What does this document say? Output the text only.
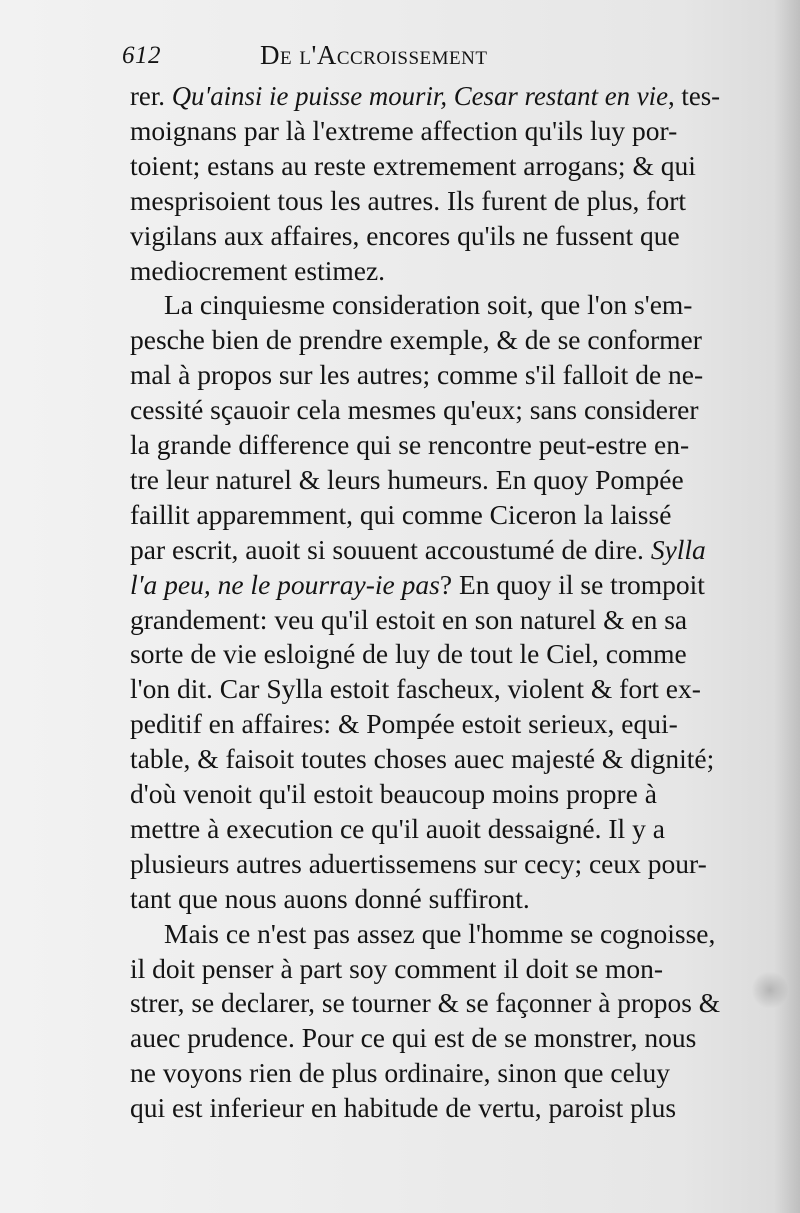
612	De l'Accroissement
rer. Qu'ainsi ie puisse mourir, Cesar restant en vie, tes-
moignans par là l'extreme affection qu'ils luy por-
toient; estans au reste extremement arrogans; & qui
mesprisoient tous les autres. Ils furent de plus, fort
vigilans aux affaires, encores qu'ils ne fussent que
mediocrement estimez.
La cinquiesme consideration soit, que l'on s'em-
pesche bien de prendre exemple, & de se conformer
mal à propos sur les autres; comme s'il falloit de ne-
cessité sçauoir cela mesmes qu'eux; sans considerer
la grande difference qui se rencontre peut-estre en-
tre leur naturel & leurs humeurs. En quoy Pompée
faillit apparemment, qui comme Ciceron la laissé
par escrit, auoit si souuent accoustumé de dire. Sylla
l'a peu, ne le pourray-ie pas? En quoy il se trompoit
grandement: veu qu'il estoit en son naturel & en sa
sorte de vie esloigné de luy de tout le Ciel, comme
l'on dit. Car Sylla estoit fascheux, violent & fort ex-
peditif en affaires: & Pompée estoit serieux, equi-
table, & faisoit toutes choses auec majesté & dignité;
d'où venoit qu'il estoit beaucoup moins propre à
mettre à execution ce qu'il auoit dessaigné. Il y a
plusieurs autres aduertissemens sur cecy; ceux pour-
tant que nous auons donné suffiront.
Mais ce n'est pas assez que l'homme se cognoisse,
il doit penser à part soy comment il doit se mon-
strer, se declarer, se tourner & se façonner à propos &
auec prudence. Pour ce qui est de se monstrer, nous
ne voyons rien de plus ordinaire, sinon que celuy
qui est inferieur en habitude de vertu, paroist plus
